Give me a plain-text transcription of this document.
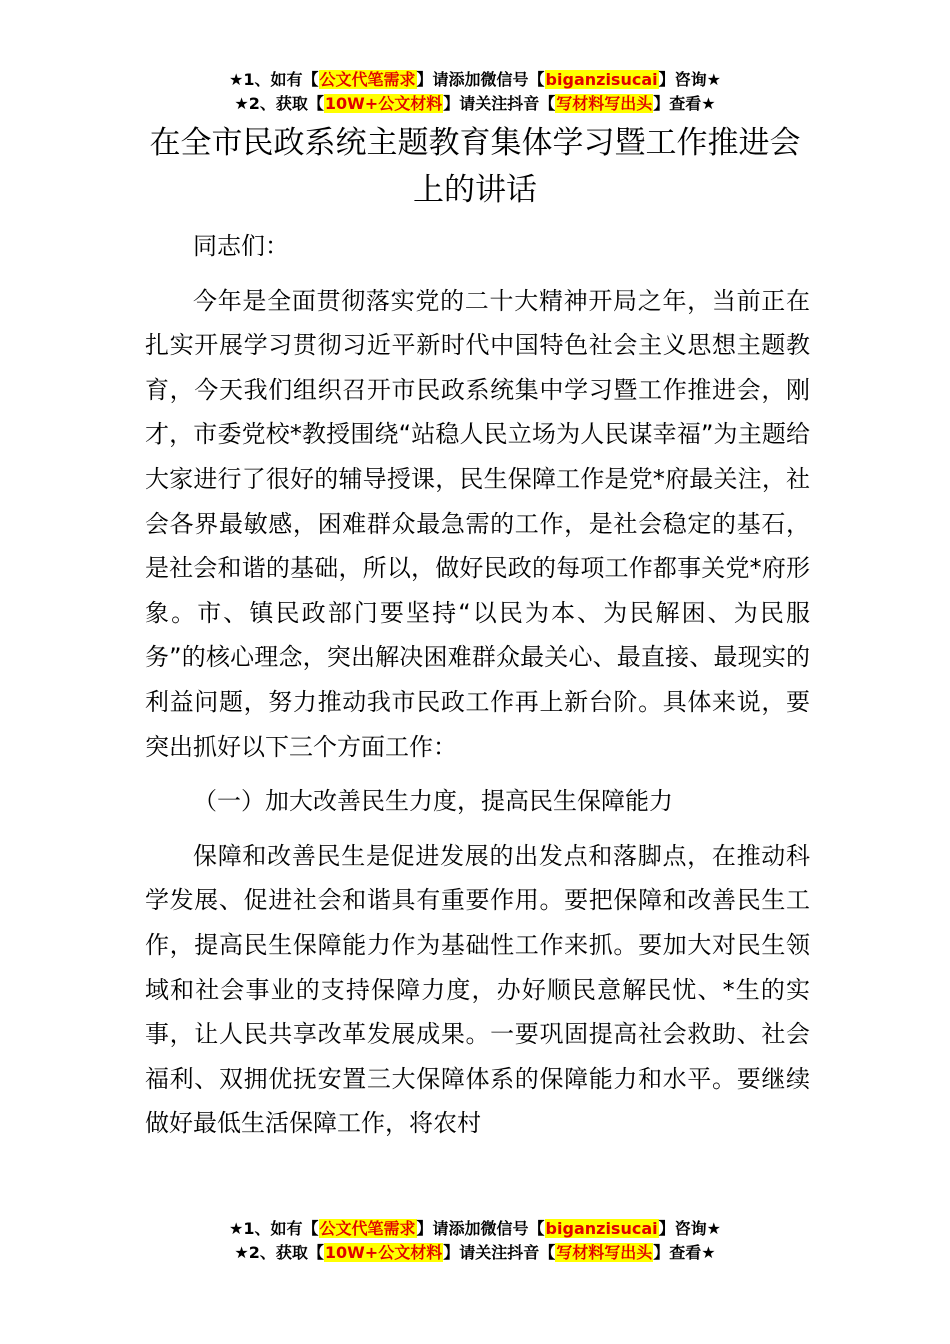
★1、如有【公文代笔需求】请添加微信号【biganzisucai】咨询★
★2、获取【10W+公文材料】请关注抖音【写材料写出头】查看★
在全市民政系统主题教育集体学习暨工作推进会上的讲话

同志们：

今年是全面贯彻落实党的二十大精神开局之年，当前正在扎实开展学习贯彻习近平新时代中国特色社会主义思想主题教育，今天我们组织召开市民政系统集中学习暨工作推进会，刚才，市委党校*教授围绕“站稳人民立场为人民谋幸福”为主题给大家进行了很好的辅导授课，民生保障工作是党*府最关注，社会各界最敏感，困难群众最急需的工作，是社会稳定的基石，是社会和谐的基础，所以，做好民政的每项工作都事关党*府形象。市、镇民政部门要坚持“以民为本、为民解困、为民服务”的核心理念，突出解决困难群众最关心、最直接、最现实的利益问题，努力推动我市民政工作再上新台阶。具体来说，要突出抓好以下三个方面工作：

（一）加大改善民生力度，提高民生保障能力

保障和改善民生是促进发展的出发点和落脚点，在推动科学发展、促进社会和谐具有重要作用。要把保障和改善民生工作，提高民生保障能力作为基础性工作来抓。要加大对民生领域和社会事业的支持保障力度，办好顺民意解民忧、*生的实事，让人民共享改革发展成果。一要巩固提高社会救助、社会福利、双拥优抚安置三大保障体系的保障能力和水平。要继续做好最低生活保障工作，将农村

★1、如有【公文代笔需求】请添加微信号【biganzisucai】咨询★
★2、获取【10W+公文材料】请关注抖音【写材料写出头】查看★
